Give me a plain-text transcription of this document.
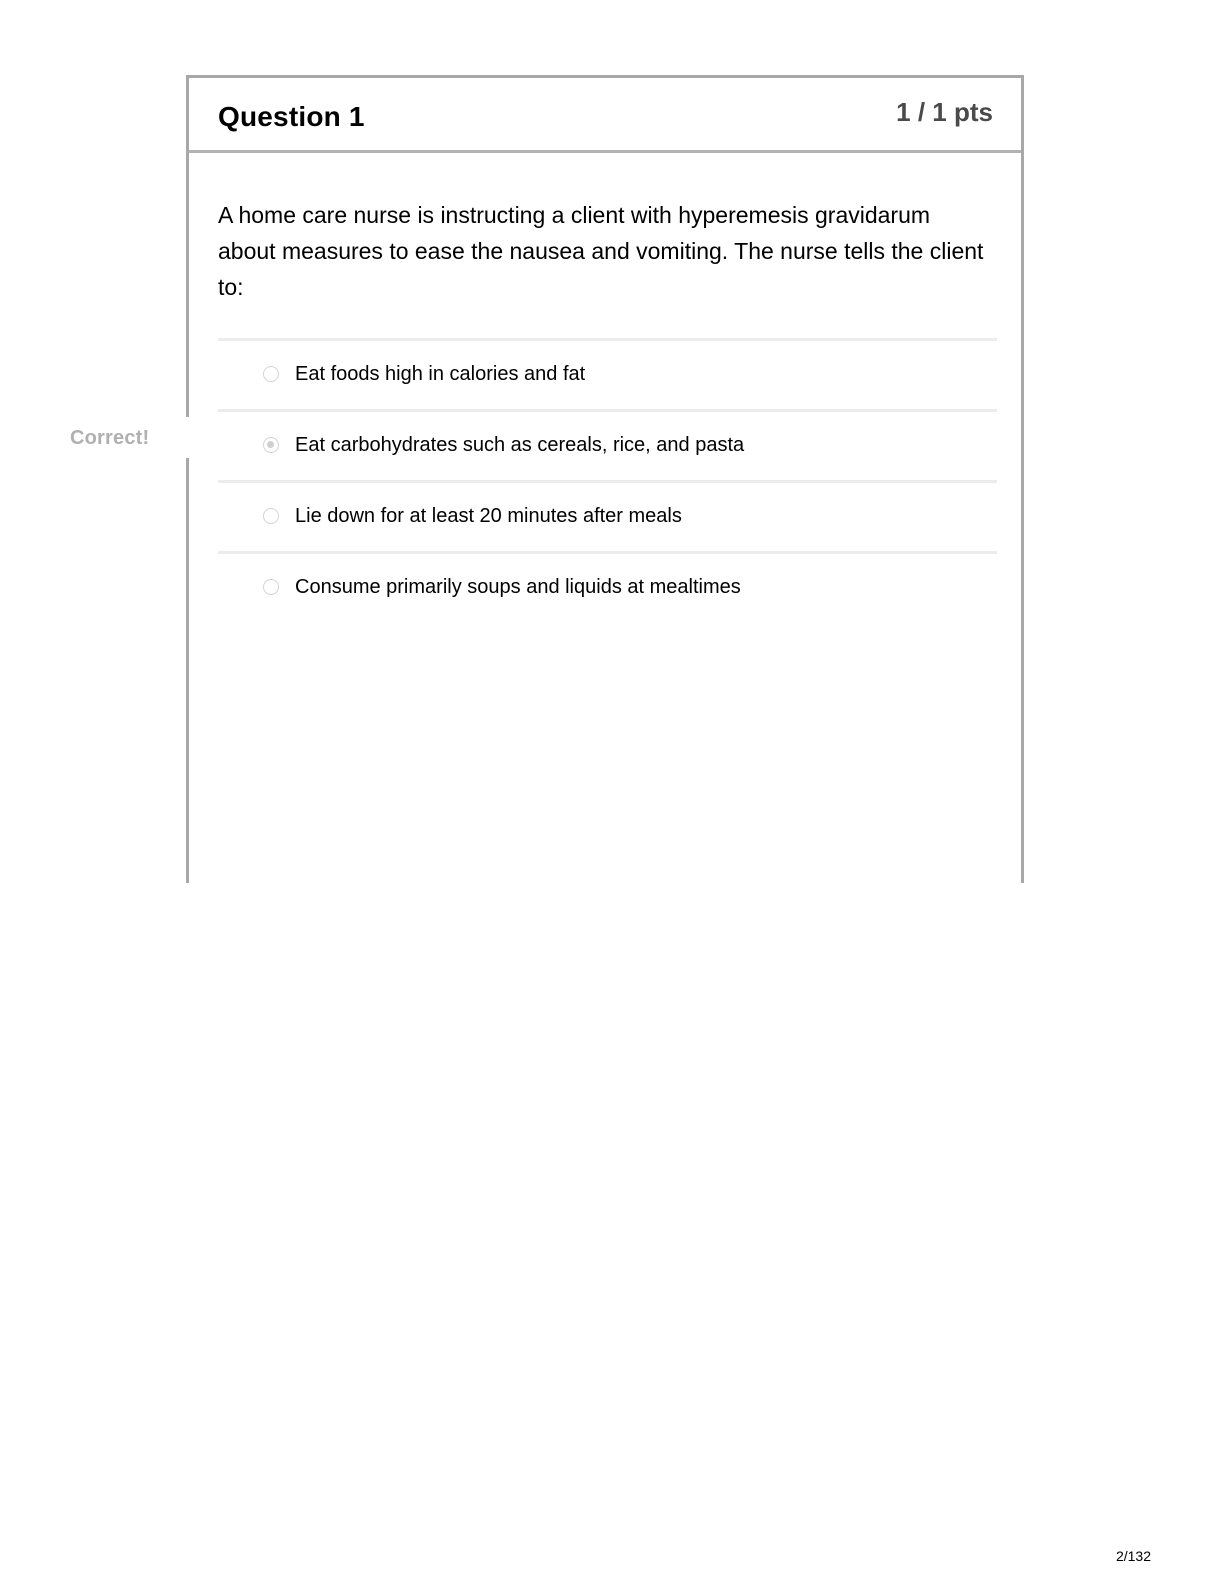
Question 1	1 / 1 pts
A home care nurse is instructing a client with hyperemesis gravidarum about measures to ease the nausea and vomiting. The nurse tells the client to:
Eat foods high in calories and fat
Eat carbohydrates such as cereals, rice, and pasta
Lie down for at least 20 minutes after meals
Consume primarily soups and liquids at mealtimes
Correct!
2/132
